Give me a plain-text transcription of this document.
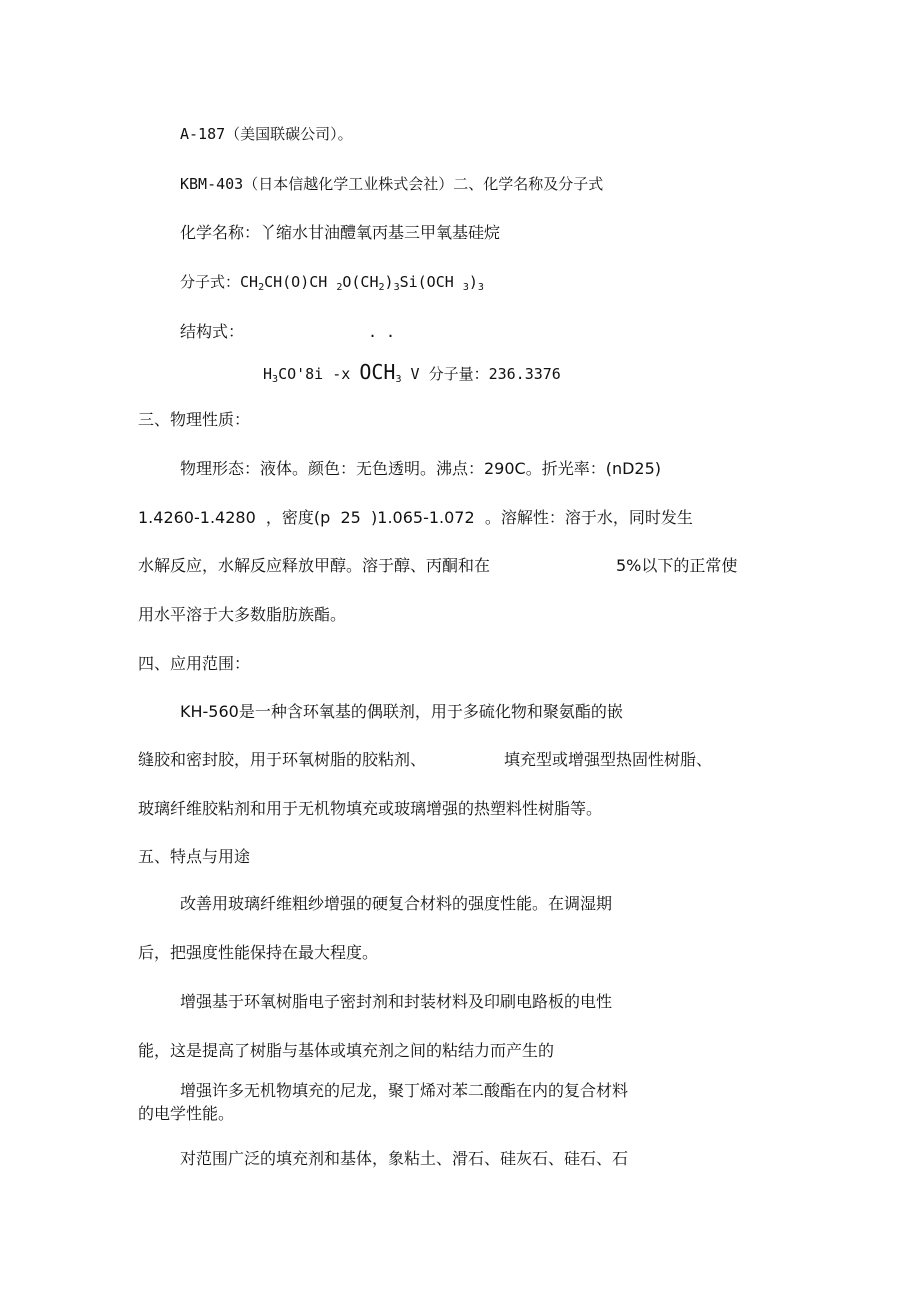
A-187（美国联碳公司）。

KBM-403（日本信越化学工业株式会社）二、化学名称及分子式

化学名称：丫缩水甘油醴氧丙基三甲氧基硅烷

分子式：$CH_2CH(O)CH$ $_2O(CH_2)_3Si(OCH$ $_3)_3$

结构式：	. .

$H_3CO'8i$ -x $OCH_3$ V 分子量：236.3376

三、物理性质：

物理形态：液体。颜色：无色透明。沸点：290C。折光率：(nD25)

1.4260-1.4280  ，密度(p  25  )1.065-1.072  。溶解性：溶于水，同时发生

水解反应，水解反应释放甲醇。溶于醇、丙酮和在	5%以下的正常使

用水平溶于大多数脂肪族酯。

四、应用范围：

KH-560是一种含环氧基的偶联剂，用于多硫化物和聚氨酯的嵌

缝胶和密封胶，用于环氧树脂的胶粘剂、	填充型或增强型热固性树脂、

玻璃纤维胶粘剂和用于无机物填充或玻璃增强的热塑料性树脂等。

五、特点与用途

改善用玻璃纤维粗纱增强的硬复合材料的强度性能。在调湿期

后，把强度性能保持在最大程度。

增强基于环氧树脂电子密封剂和封装材料及印刷电路板的电性

能，这是提高了树脂与基体或填充剂之间的粘结力而产生的

增强许多无机物填充的尼龙，聚丁烯对苯二酸酯在内的复合材料

的电学性能。

对范围广泛的填充剂和基体，象粘土、滑石、硅灰石、硅石、石
